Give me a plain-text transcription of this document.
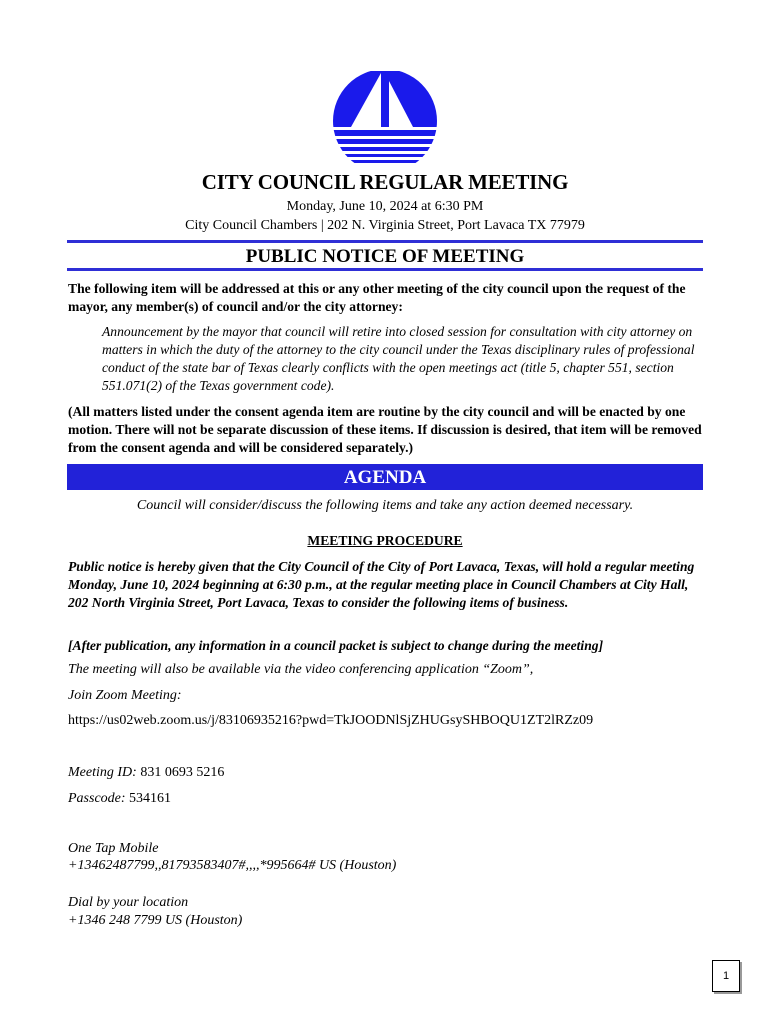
CITY COUNCIL REGULAR MEETING
Monday, June 10, 2024 at 6:30 PM
City Council Chambers | 202 N. Virginia Street, Port Lavaca TX 77979
PUBLIC NOTICE OF MEETING
The following item will be addressed at this or any other meeting of the city council upon the request of the mayor, any member(s) of council and/or the city attorney:
Announcement by the mayor that council will retire into closed session for consultation with city attorney on matters in which the duty of the attorney to the city council under the Texas disciplinary rules of professional conduct of the state bar of Texas clearly conflicts with the open meetings act (title 5, chapter 551, section 551.071(2) of the Texas government code).
(All matters listed under the consent agenda item are routine by the city council and will be enacted by one motion. There will not be separate discussion of these items. If discussion is desired, that item will be removed from the consent agenda and will be considered separately.)
AGENDA
Council will consider/discuss the following items and take any action deemed necessary.
MEETING PROCEDURE
Public notice is hereby given that the City Council of the City of Port Lavaca, Texas, will hold a regular meeting Monday, June 10, 2024 beginning at 6:30 p.m., at the regular meeting place in Council Chambers at City Hall, 202 North Virginia Street, Port Lavaca, Texas to consider the following items of business.
[After publication, any information in a council packet is subject to change during the meeting]
The meeting will also be available via the video conferencing application “Zoom”,
Join Zoom Meeting:
https://us02web.zoom.us/j/83106935216?pwd=TkJOODNlSjZHUGsySHBOQU1ZT2lRZz09
Meeting ID: 831 0693 5216
Passcode: 534161
One Tap Mobile
+13462487799,,81793583407#,,,,*995664# US (Houston)
Dial by your location
+1346 248 7799 US (Houston)
1
